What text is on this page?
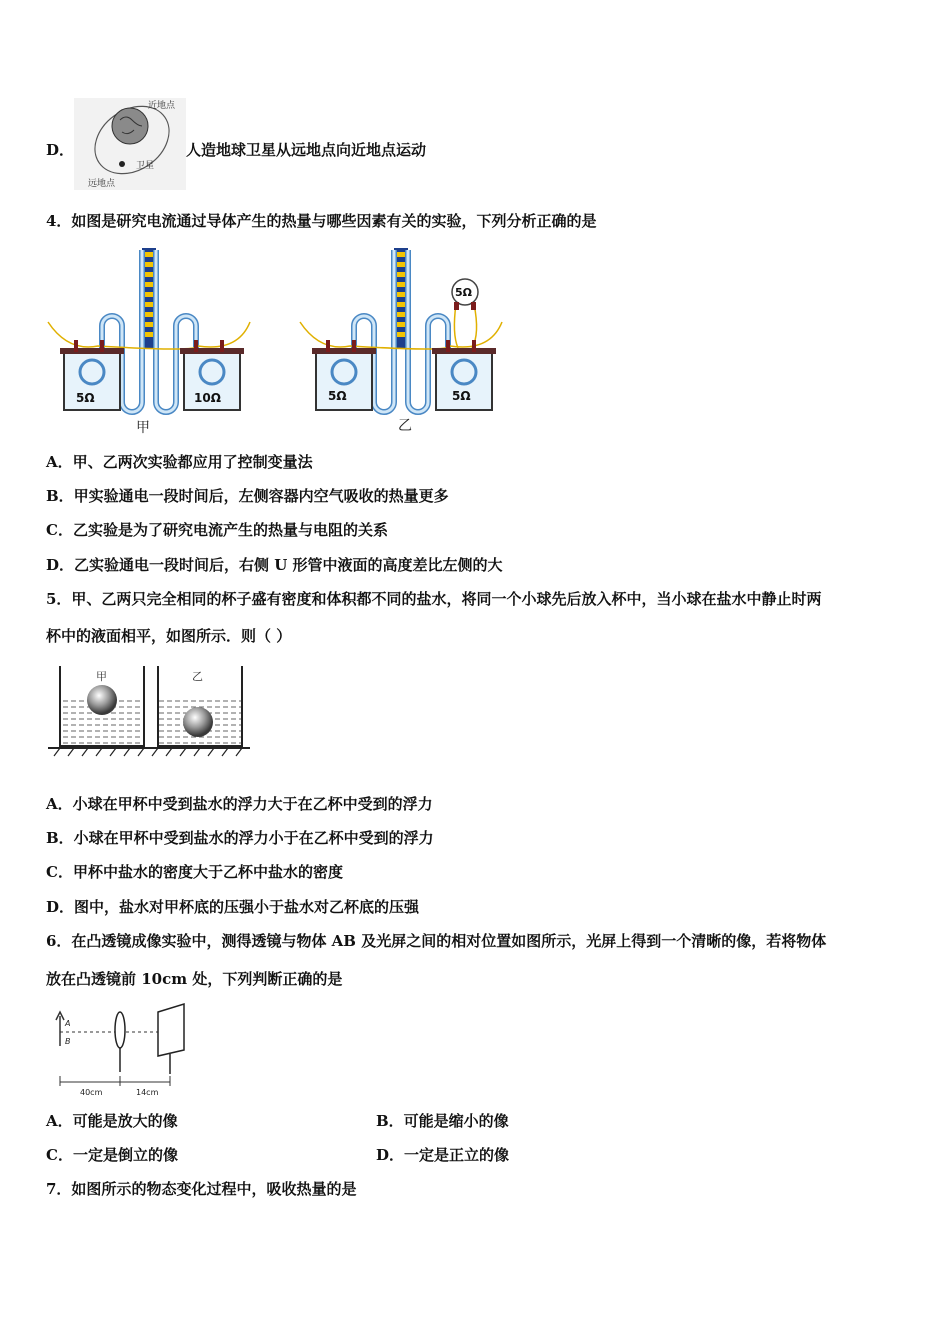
D．
近地点
卫星
远地点
人造地球卫星从远地点向近地点运动
4．如图是研究电流通过导体产生的热量与哪些因素有关的实验，下列分析正确的是
5Ω	10Ω
甲
5Ω
5Ω	5Ω
乙
A．甲、乙两次实验都应用了控制变量法
B．甲实验通电一段时间后，左侧容器内空气吸收的热量更多
C．乙实验是为了研究电流产生的热量与电阻的关系
D．乙实验通电一段时间后，右侧 U 形管中液面的高度差比左侧的大
5．甲、乙两只完全相同的杯子盛有密度和体积都不同的盐水，将同一个小球先后放入杯中，当小球在盐水中静止时两
杯中的液面相平，如图所示．则（ ）
甲	乙
A．小球在甲杯中受到盐水的浮力大于在乙杯中受到的浮力
B．小球在甲杯中受到盐水的浮力小于在乙杯中受到的浮力
C．甲杯中盐水的密度大于乙杯中盐水的密度
D．图中，盐水对甲杯底的压强小于盐水对乙杯底的压强
6．在凸透镜成像实验中，测得透镜与物体 AB 及光屏之间的相对位置如图所示，光屏上得到一个清晰的像，若将物体
放在凸透镜前 10cm 处，下列判断正确的是
A
B
40cm	14cm
A．可能是放大的像	B．可能是缩小的像
C．一定是倒立的像	D．一定是正立的像
7．如图所示的物态变化过程中，吸收热量的是
